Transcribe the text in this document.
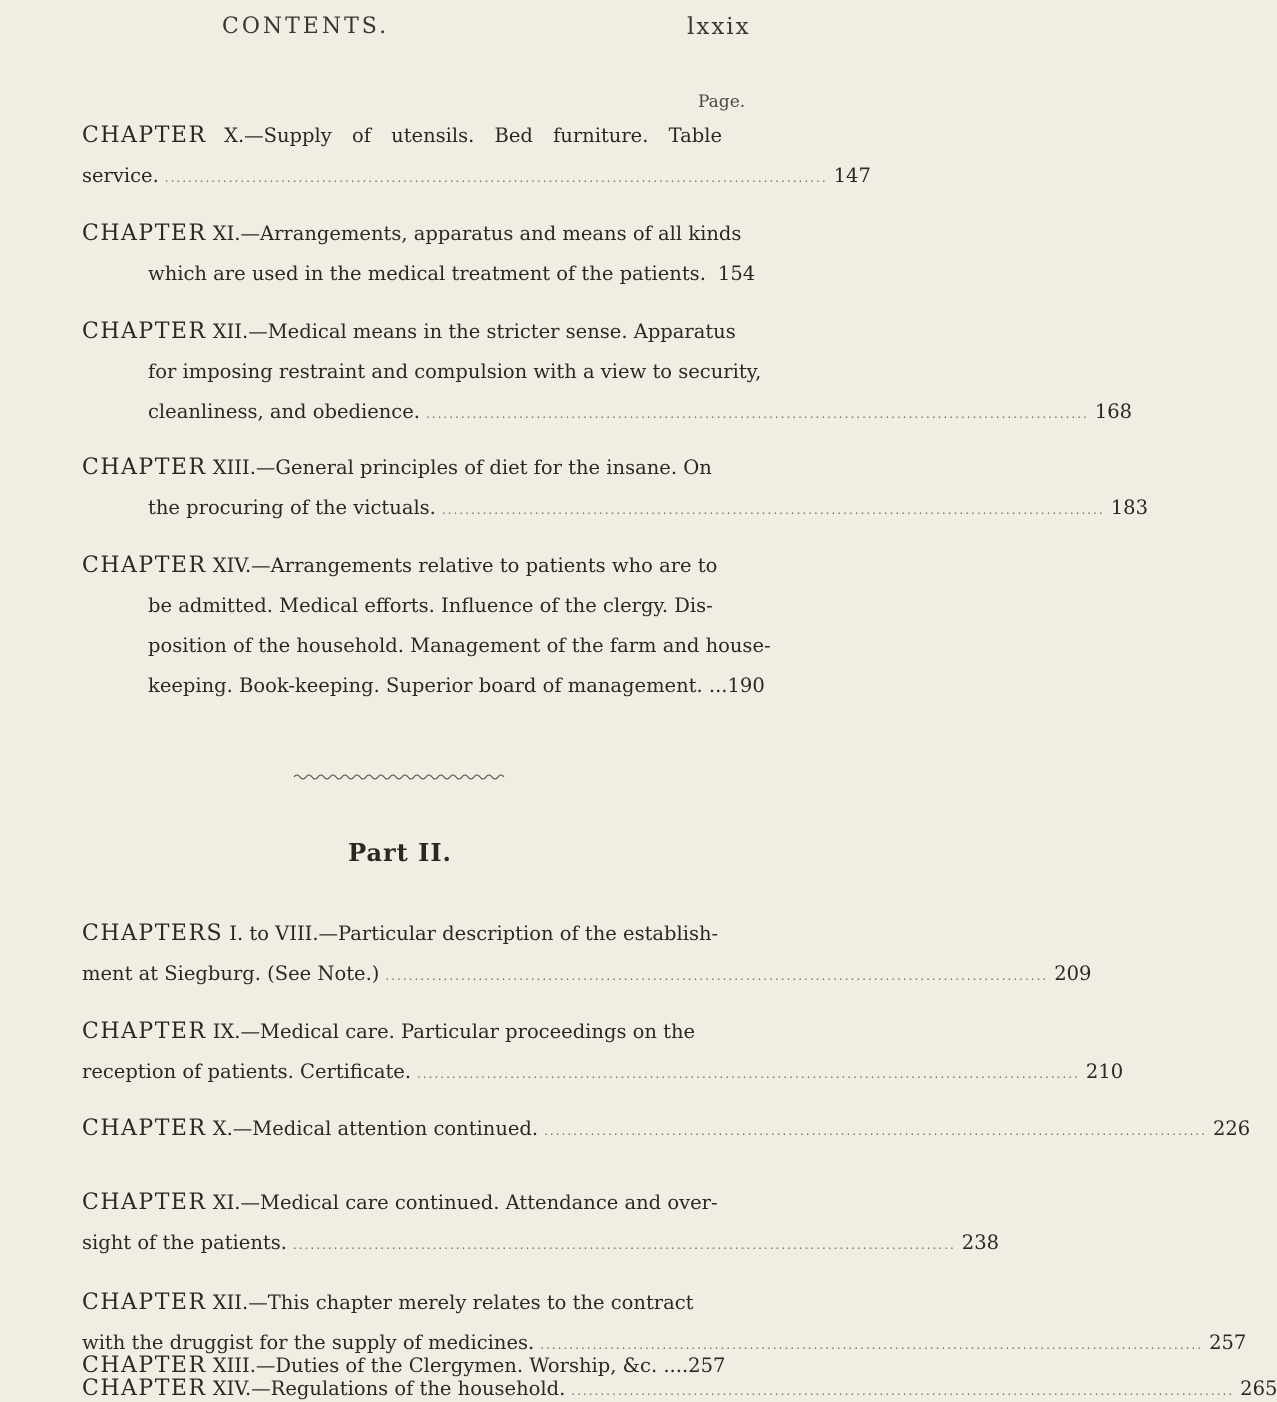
CONTENTS.	lxxix
Page.
CHAPTER
X.—Supply of utensils. Bed furniture. Table
service. .................................................................................................................. 147
CHAPTER
XI.—Arrangements, apparatus and means of all kinds
which are used in the medical treatment of the patients. 154
CHAPTER
XII.—Medical means in the stricter sense. Apparatus
for imposing restraint and compulsion with a view to security,
cleanliness, and obedience. .................................................................................................................. 168
CHAPTER
XIII.—General principles of diet for the insane. On
the procuring of the victuals. .................................................................................................................. 183
CHAPTER
XIV.—Arrangements relative to patients who are to
be admitted. Medical efforts. Influence of the clergy. Dis-
position of the household. Management of the farm and house-
keeping. Book-keeping. Superior board of management. ... 190
Part II.
CHAPTERS
I. to VIII.—Particular description of the establish-
ment at Siegburg. (See Note.) .................................................................................................................. 209
CHAPTER
IX.—Medical care. Particular proceedings on the
reception of patients. Certificate. .................................................................................................................. 210
CHAPTER
X.—Medical attention continued. .................................................................................................................. 226
CHAPTER
XI.—Medical care continued. Attendance and over-
sight of the patients. .................................................................................................................. 238
CHAPTER
XII.—This chapter merely relates to the contract
with the druggist for the supply of medicines. .................................................................................................................. 257
CHAPTER
XIII.—Duties of the Clergymen. Worship, &c. .... 257
CHAPTER
XIV.—Regulations of the household. .................................................................................................................. 265
